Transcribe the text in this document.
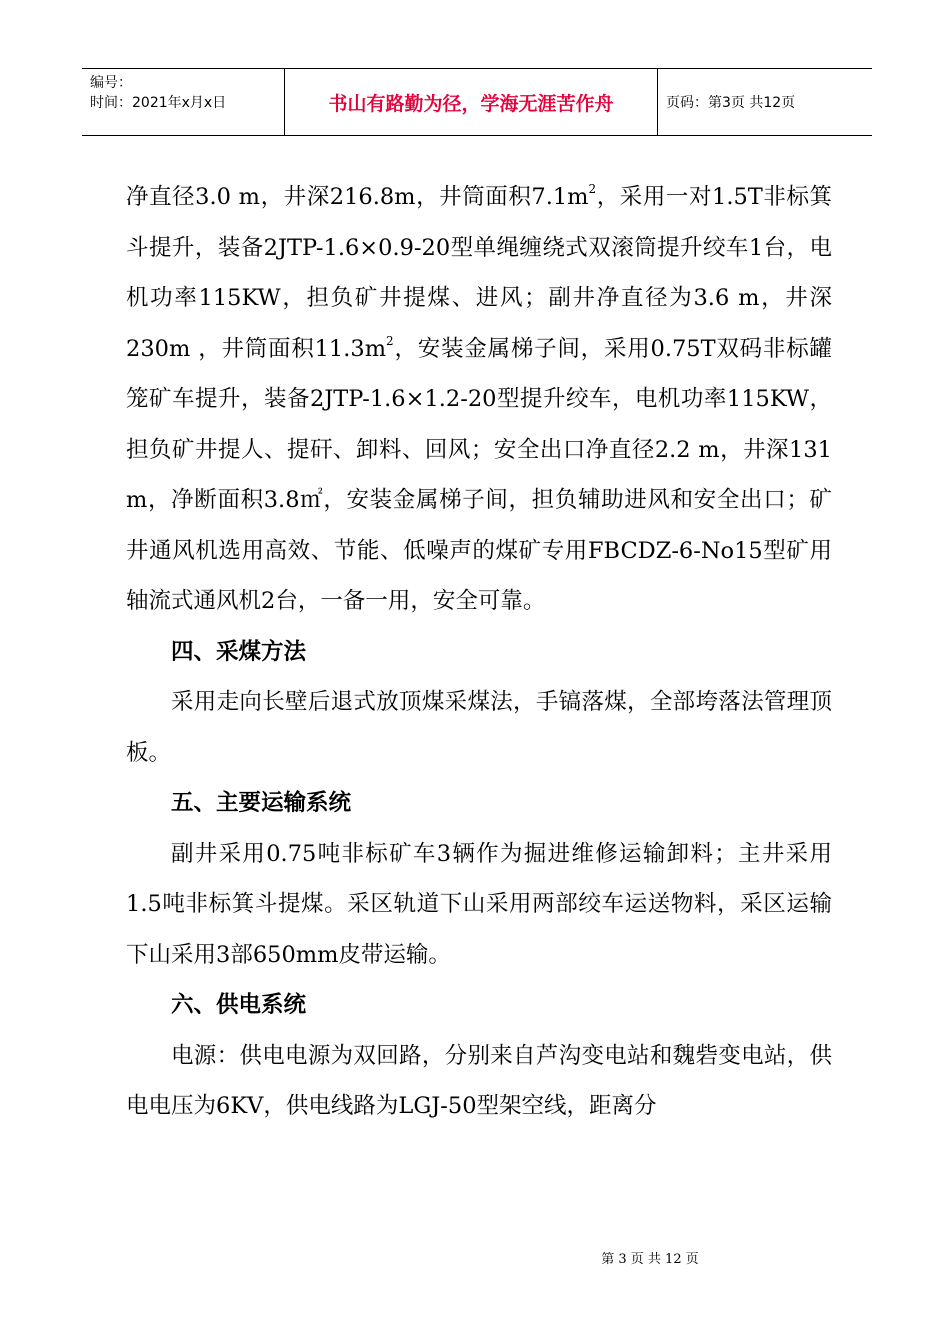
编号：
时间：2021年x月x日	书山有路勤为径，学海无涯苦作舟	页码：第3页 共12页

净直径3.0 m，井深216.8m，井筒面积$7.1m^2$，采用一对1.5T非标箕斗提升，装备2JTP-1.6×0.9-20型单绳缠绕式双滚筒提升绞车1台，电机功率115KW，担负矿井提煤、进风；副井净直径为3.6 m，井深230m ，井筒面积$11.3m^2$，安装金属梯子间，采用0.75T双码非标罐笼矿车提升，装备2JTP-1.6×1.2-20型提升绞车，电机功率115KW，担负矿井提人、提矸、卸料、回风；安全出口净直径2.2 m，井深131 m，净断面积3.8㎡，安装金属梯子间，担负辅助进风和安全出口；矿井通风机选用高效、节能、低噪声的煤矿专用FBCDZ-6-No15型矿用轴流式通风机2台，一备一用，安全可靠。

四、采煤方法

采用走向长壁后退式放顶煤采煤法，手镐落煤，全部垮落法管理顶板。

五、主要运输系统

副井采用0.75吨非标矿车3辆作为掘进维修运输卸料；主井采用1.5吨非标箕斗提煤。采区轨道下山采用两部绞车运送物料，采区运输下山采用3部650mm皮带运输。

六、供电系统

电源：供电电源为双回路，分别来自芦沟变电站和魏砦变电站，供电电压为6KV，供电线路为LGJ-50型架空线，距离分

第 3 页 共 12 页
